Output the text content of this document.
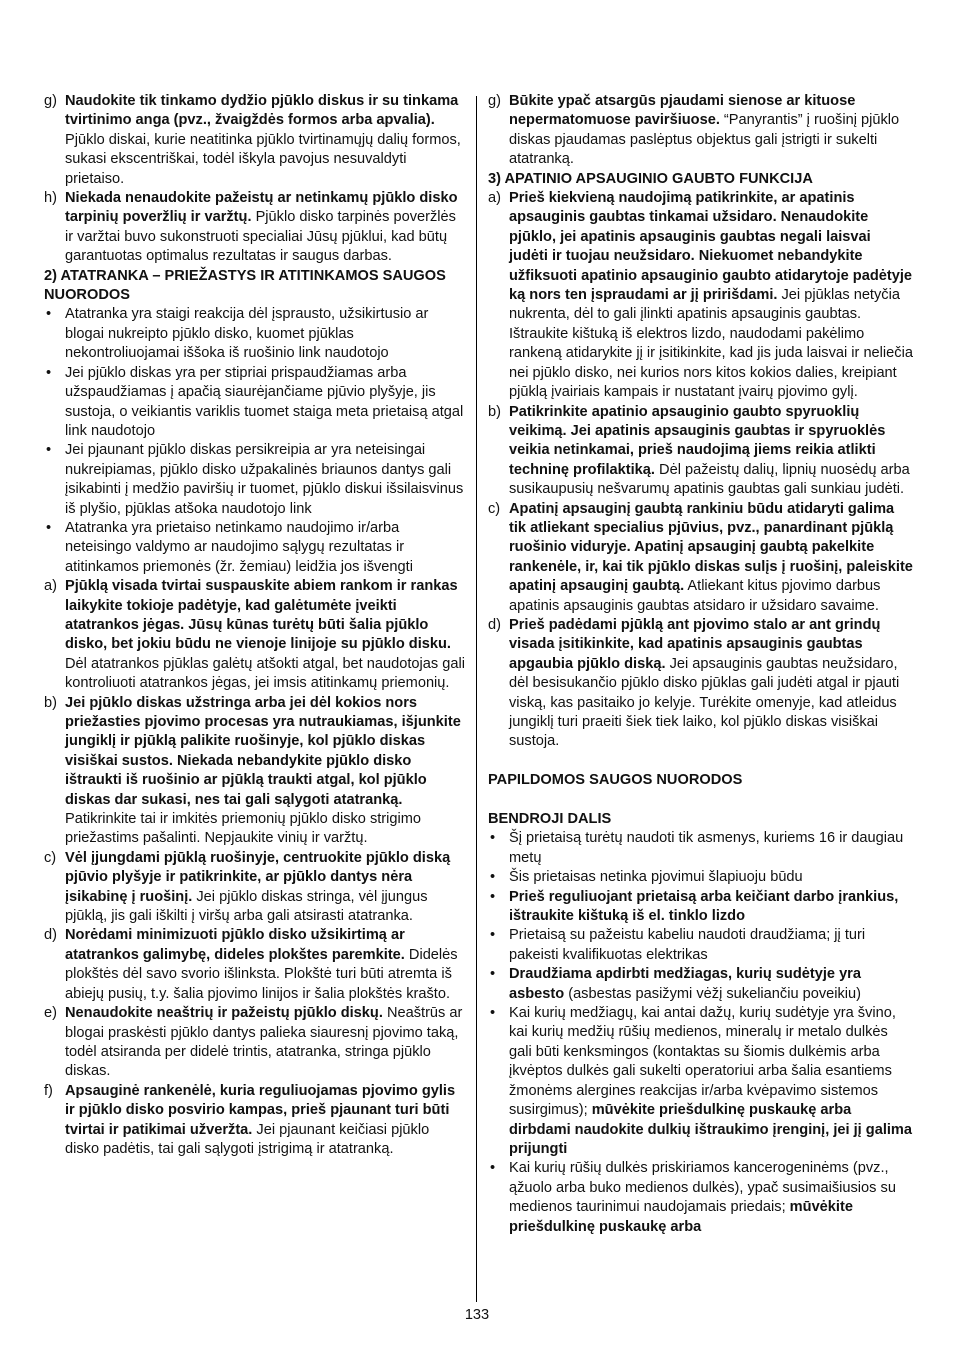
g) Naudokite tik tinkamo dydžio pjūklo diskus ir su tinkama tvirtinimo anga (pvz., žvaigždės formos arba apvalia). Pjūklo diskai, kurie neatitinka pjūklo tvirtinamųjų dalių formos, sukasi ekscentriškai, todėl iškyla pavojus nesuvaldyti prietaiso.
h) Niekada nenaudokite pažeistų ar netinkamų pjūklo disko tarpinių poveržlių ir varžtų. Pjūklo disko tarpinės poveržlės ir varžtai buvo sukonstruoti specialiai Jūsų pjūklui, kad būtų garantuotas optimalus rezultatas ir saugus darbas.
2) ATATRANKA – PRIEŽASTYS IR ATITINKAMOS SAUGOS NUORODOS
• Atatranka yra staigi reakcija dėl įsprausto, užsikirtusio ar blogai nukreipto pjūklo disko, kuomet pjūklas nekontroliuojamai iššoka iš ruošinio link naudotojo
• Jei pjūklo diskas yra per stipriai prispaudžiamas arba užspaudžiamas į apačią siaurėjančiame pjūvio plyšyje, jis sustoja, o veikiantis variklis tuomet staiga meta prietaisą atgal link naudotojo
• Jei pjaunant pjūklo diskas persikreipia ar yra neteisingai nukreipiamas, pjūklo disko užpakalinės briaunos dantys gali įsikabinti į medžio paviršių ir tuomet, pjūklo diskui išsilaisvinus iš plyšio, pjūklas atšoka naudotojo link
• Atatranka yra prietaiso netinkamo naudojimo ir/arba neteisingo valdymo ar naudojimo sąlygų rezultatas ir atitinkamos priemonės (žr. žemiau) leidžia jos išvengti
a) Pjūklą visada tvirtai suspauskite abiem rankom ir rankas laikykite tokioje padėtyje, kad galėtumėte įveikti atatrankos jėgas. Jūsų kūnas turėtų būti šalia pjūklo disko, bet jokiu būdu ne vienoje linijoje su pjūklo disku. Dėl atatrankos pjūklas galėtų atšokti atgal, bet naudotojas gali kontroliuoti atatrankos jėgas, jei imsis atitinkamų priemonių.
b) Jei pjūklo diskas užstringa arba jei dėl kokios nors priežasties pjovimo procesas yra nutraukiamas, išjunkite jungiklį ir pjūklą palikite ruošinyje, kol pjūklo diskas visiškai sustos. Niekada nebandykite pjūklo disko ištraukti iš ruošinio ar pjūklą traukti atgal, kol pjūklo diskas dar sukasi, nes tai gali sąlygoti atatranką. Patikrinkite tai ir imkitės priemonių pjūklo disko strigimo priežastims pašalinti. Nepjaukite vinių ir varžtų.
c) Vėl įjungdami pjūklą ruošinyje, centruokite pjūklo diską pjūvio plyšyje ir patikrinkite, ar pjūklo dantys nėra įsikabinę į ruošinį. Jei pjūklo diskas stringa, vėl įjungus pjūklą, jis gali iškilti į viršų arba gali atsirasti atatranka.
d) Norėdami minimizuoti pjūklo disko užsikirtimą ar atatrankos galimybę, dideles plokštes paremkite. Didelės plokštės dėl savo svorio išlinksta. Plokštė turi būti atremta iš abiejų pusių, t.y. šalia pjovimo linijos ir šalia plokštės krašto.
e) Nenaudokite neaštrių ir pažeistų pjūklo diskų. Neaštrūs ar blogai praskėsti pjūklo dantys palieka siauresnį pjovimo taką, todėl atsiranda per didelė trintis, atatranka, stringa pjūklo diskas.
f) Apsauginė rankenėlė, kuria reguliuojamas pjovimo gylis ir pjūklo disko posvirio kampas, prieš pjaunant turi būti tvirtai ir patikimai užveržta. Jei pjaunant keičiasi pjūklo disko padėtis, tai gali sąlygoti įstrigimą ir atatranką.
g) Būkite ypač atsargūs pjaudami sienose ar kituose nepermatomuose paviršiuose. “Panyrantis” į ruošinį pjūklo diskas pjaudamas paslėptus objektus gali įstrigti ir sukelti atatranką.
3) APATINIO APSAUGINIO GAUBTO FUNKCIJA
a) Prieš kiekvieną naudojimą patikrinkite, ar apatinis apsauginis gaubtas tinkamai užsidaro. Nenaudokite pjūklo, jei apatinis apsauginis gaubtas negali laisvai judėti ir tuojau neužsidaro. Niekuomet nebandykite užfiksuoti apatinio apsauginio gaubto atidarytoje padėtyje ką nors ten įspraudami ar jį pririšdami. Jei pjūklas netyčia nukrenta, dėl to gali įlinkti apatinis apsauginis gaubtas. Ištraukite kištuką iš elektros lizdo, naudodami pakėlimo rankeną atidarykite jį ir įsitikinkite, kad jis juda laisvai ir neliečia nei pjūklo disko, nei kurios nors kitos kokios dalies, kreipiant pjūklą įvairiais kampais ir nustatant įvairų pjovimo gylį.
b) Patikrinkite apatinio apsauginio gaubto spyruoklių veikimą. Jei apatinis apsauginis gaubtas ir spyruoklės veikia netinkamai, prieš naudojimą jiems reikia atlikti techninę profilaktiką. Dėl pažeistų dalių, lipnių nuosėdų arba susikaupusių nešvarumų apatinis gaubtas gali sunkiau judėti.
c) Apatinį apsauginį gaubtą rankiniu būdu atidaryti galima tik atliekant specialius pjūvius, pvz., panardinant pjūklą ruošinio viduryje. Apatinį apsauginį gaubtą pakelkite rankenėle, ir, kai tik pjūklo diskas sulįs į ruošinį, paleiskite apatinį apsauginį gaubtą. Atliekant kitus pjovimo darbus apatinis apsauginis gaubtas atsidaro ir užsidaro savaime.
d) Prieš padėdami pjūklą ant pjovimo stalo ar ant grindų visada įsitikinkite, kad apatinis apsauginis gaubtas apgaubia pjūklo diską. Jei apsauginis gaubtas neužsidaro, dėl besisukančio pjūklo disko pjūklas gali judėti atgal ir pjauti viską, kas pasitaiko jo kelyje. Turėkite omenyje, kad atleidus jungiklį turi praeiti šiek tiek laiko, kol pjūklo diskas visiškai sustoja.
PAPILDOMOS SAUGOS NUORODOS
BENDROJI DALIS
• Šį prietaisą turėtų naudoti tik asmenys, kuriems 16 ir daugiau metų
• Šis prietaisas netinka pjovimui šlapiuoju būdu
• Prieš reguliuojant prietaisą arba keičiant darbo įrankius, ištraukite kištuką iš el. tinklo lizdo
• Prietaisą su pažeistu kabeliu naudoti draudžiama; jį turi pakeisti kvalifikuotas elektrikas
• Draudžiama apdirbti medžiagas, kurių sudėtyje yra asbesto (asbestas pasižymi vėžį sukeliančiu poveikiu)
• Kai kurių medžiagų, kai antai dažų, kurių sudėtyje yra švino, kai kurių medžių rūšių medienos, mineralų ir metalo dulkės gali būti kenksmingos (kontaktas su šiomis dulkėmis arba įkvėptos dulkės gali sukelti operatoriui arba šalia esantiems žmonėms alergines reakcijas ir/arba kvėpavimo sistemos susirgimus); mūvėkite priešdulkinę puskaukę arba dirbdami naudokite dulkių ištraukimo įrenginį, jei jį galima prijungti
• Kai kurių rūšių dulkės priskiriamos kancerogeninėms (pvz., ąžuolo arba buko medienos dulkės), ypač susimaišiusios su medienos taurinimui naudojamais priedais; mūvėkite priešdulkinę puskaukę arba
133
